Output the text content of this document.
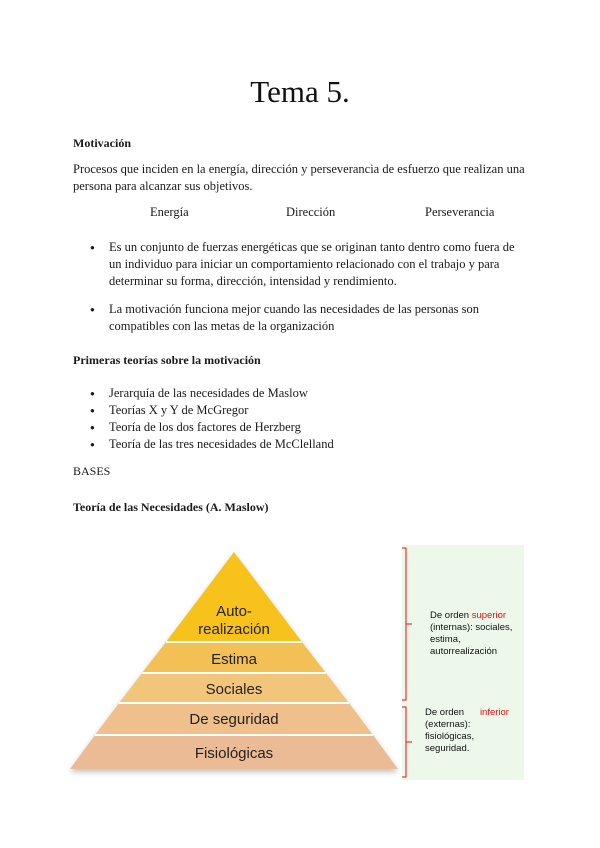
Tema 5.
Motivación
Procesos que inciden en la energía, dirección y perseverancia de esfuerzo que realizan una persona para alcanzar sus objetivos.
Energía	Dirección	Perseverancia
● Es un conjunto de fuerzas energéticas que se originan tanto dentro como fuera de un individuo para iniciar un comportamiento relacionado con el trabajo y para determinar su forma, dirección, intensidad y rendimiento.
● La motivación funciona mejor cuando las necesidades de las personas son compatibles con las metas de la organización
Primeras teorías sobre la motivación
● Jerarquía de las necesidades de Maslow
● Teorías X y Y de McGregor
● Teoría de los dos factores de Herzberg
● Teoría de las tres necesidades de McClelland
BASES
Teoría de las Necesidades (A. Maslow)
Auto-
realización
Estima
Sociales
De seguridad
Fisiológicas
De orden superior (internas): sociales, estima, autorrealización
De orden      inferior (externas): fisiológicas, seguridad.
